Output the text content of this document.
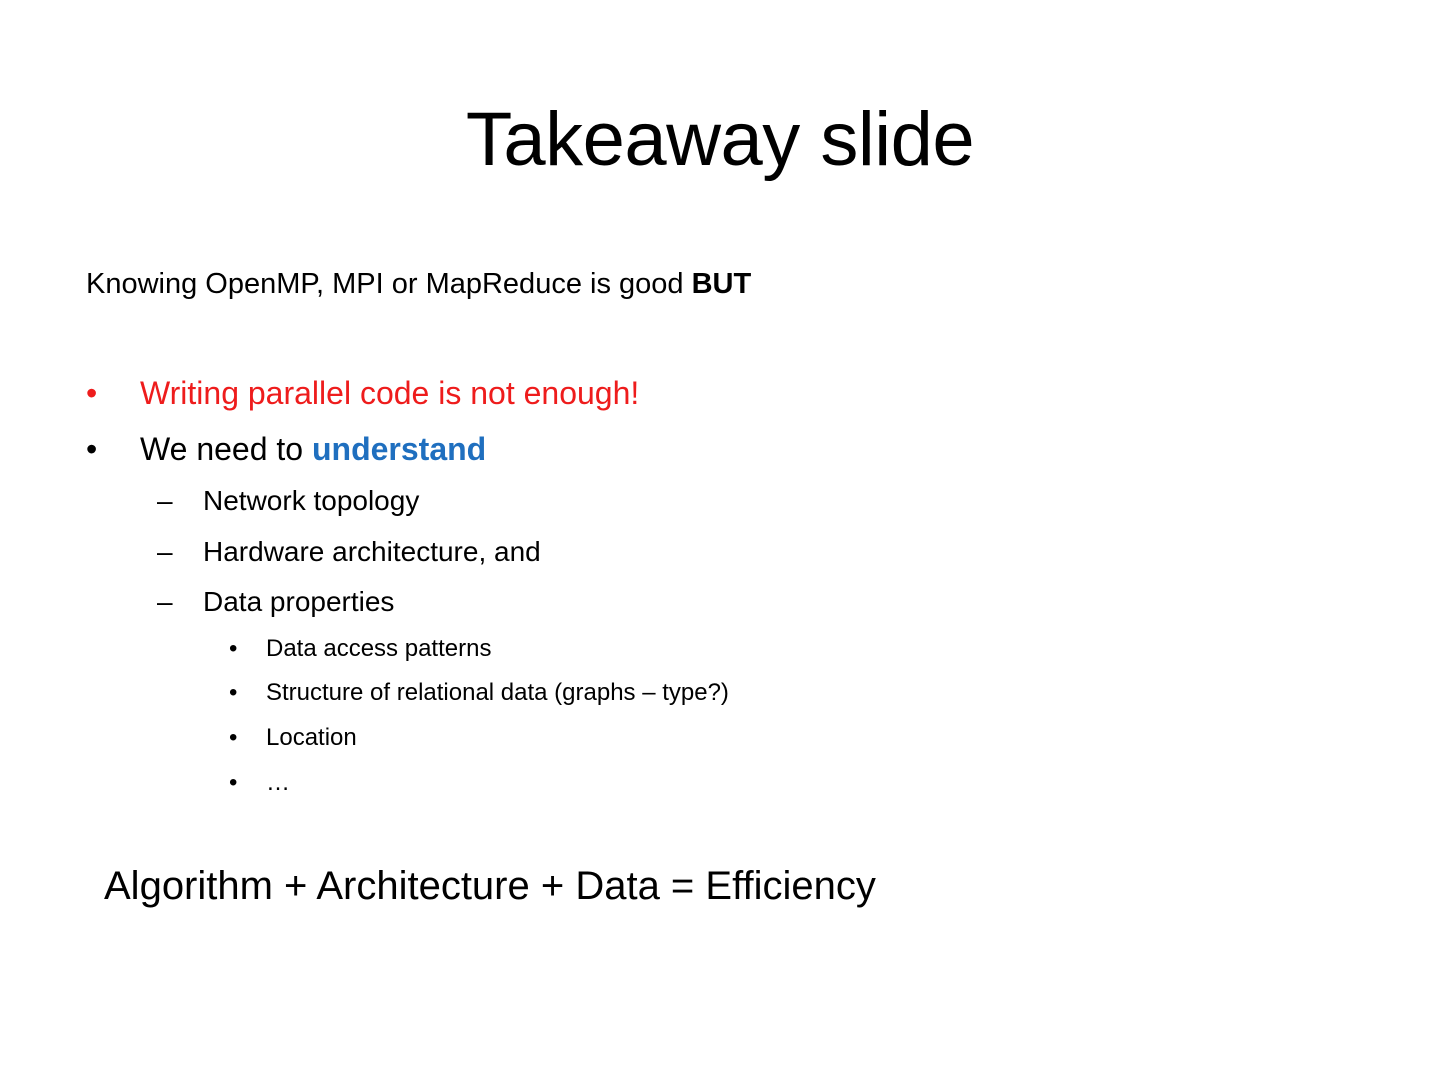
Takeaway slide
Knowing OpenMP, MPI or MapReduce is good BUT
• Writing parallel code is not enough!
• We need to understand
– Network topology
– Hardware architecture, and
– Data properties
• Data access patterns
• Structure of relational data (graphs – type?)
• Location
• …
Algorithm + Architecture + Data = Efficiency
